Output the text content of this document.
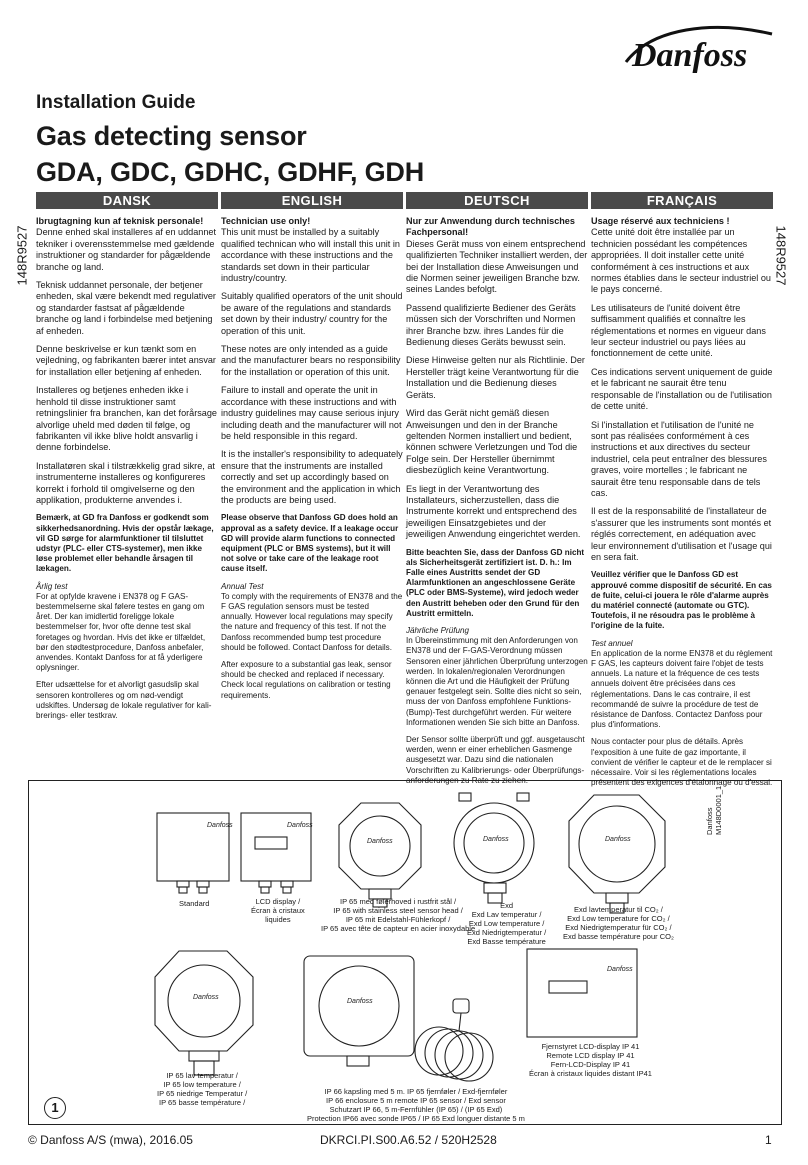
Danfoss
Installation Guide
Gas detecting sensor
GDA, GDC, GDHC, GDHF, GDH
148R9527	148R9527
DANSK

Ibrugtagning kun af teknisk personale!
Denne enhed skal installeres af en uddannet tekniker i overensstemmelse med gældende instruktioner og standarder for pågældende branche og land.

Teknisk uddannet personale, der betjener enheden, skal være bekendt med regulativer og standarder fastsat af pågældende branche og land i forbindelse med betjening af enheden.

Denne beskrivelse er kun tænkt som en vejledning, og fabrikanten bærer intet ansvar for installation eller betjening af enheden.

Installeres og betjenes enheden ikke i henhold til disse instruktioner samt retningslinier fra branchen, kan det forårsage alvorlige uheld med døden til følge, og fabrikanten vil ikke blive holdt ansvarlig i denne forbindelse.

Installatøren skal i tilstrækkelig grad sikre, at instrumenterne installeres og konfigureres korrekt i forhold til omgivelserne og den applikation, produkterne anvendes i.

Bemærk, at GD fra Danfoss er godkendt som sikkerhedsanordning. Hvis der opstår lækage, vil GD sørge for alarmfunktioner til tilsluttet udstyr (PLC- eller CTS-systemer), men ikke løse problemet eller behandle årsagen til lækagen.

Årlig test

For at opfylde kravene i EN378 og F GAS-bestemmelserne skal følere testes en gang om året. Der kan imidlertid foreligge lokale bestemmelser for, hvor ofte denne test skal foretages og hvordan. Hvis det ikke er tilfældet, bør den stødtestprocedure, Danfoss anbefaler, anvendes. Kontakt Danfoss for at få yderligere oplysninger.

Efter udsættelse for et alvorligt gasudslip skal sensoren kontrolleres og om nød-vendigt udskiftes. Undersøg de lokale regulativer for kali-brerings- eller testkrav.

ENGLISH

Technician use only!
This unit must be installed by a suitably qualified technican who will install this unit in accordance with these instructions and the standards set down in their particular industry/country.

Suitably qualified operators of the unit should be aware of the regulations and standards set down by their industry/ country for the operation of this unit.

These notes are only intended as a guide and the manufacturer bears no responsibility for the installation or operation of this unit.

Failure to install and operate the unit in accordance with these instructions and with industry guidelines may cause serious injury including death and the manufacturer will not be held responsible in this regard.

It is the installer's responsibility to adequately ensure that the instruments are installed correctly and set up accordingly based on the environment and the application in which the products are being used.

Please observe that Danfoss GD does hold an approval as a safety device. If a leakage occur GD will provide alarm functions to connected equipment (PLC or BMS systems), but it will not solve or take care of the leakage root cause itself.

Annual Test

To comply with the requirements of EN378 and the F GAS regulation sensors must be tested annually. However local regulations may specify the nature and frequency of this test. If not the Danfoss recommended bump test procedure should be followed. Contact Danfoss for details.

After exposure to a substantial gas leak, sensor should be checked and replaced if necessary. Check local regulations on calibration or testing requirements.

DEUTSCH

Nur zur Anwendung durch technisches Fachpersonal!
Dieses Gerät muss von einem entsprechend qualifizierten Techniker installiert werden, der bei der Installation diese Anweisungen und die Normen seiner jeweiligen Branche bzw. seines Landes befolgt.

Passend qualifizierte Bediener des Geräts müssen sich der Vorschriften und Normen ihrer Branche bzw. ihres Landes für die Bedienung dieses Geräts bewusst sein.

Diese Hinweise gelten nur als Richtlinie. Der Hersteller trägt keine Verantwortung für die Installation und die Bedienung dieses Geräts.

Wird das Gerät nicht gemäß diesen Anweisungen und den in der Branche geltenden Normen installiert und bedient, können schwere Verletzungen und Tod die Folge sein. Der Hersteller übernimmt diesbezüglich keine Verantwortung.

Es liegt in der Verantwortung des Installateurs, sicherzustellen, dass die Instrumente korrekt und entsprechend des jeweiligen Einsatzgebietes und der jeweiligen Anwendung eingerichtet werden.

Bitte beachten Sie, dass der Danfoss GD nicht als Sicherheitsgerät zertifiziert ist. D. h.: Im Falle eines Austritts sendet der GD Alarmfunktionen an angeschlossene Geräte (PLC oder BMS-Systeme), wird jedoch weder den Austritt beheben oder den Grund für den Austritt ermitteln.

Jährliche Prüfung

In Übereinstimmung mit den Anforderungen von EN378 und der F-GAS-Verordnung müssen Sensoren einer jährlichen Überprüfung unterzogen werden. In lokalen/regionalen Verordnungen können die Art und die Häufigkeit der Prüfung genauer festgelegt sein. Sollte dies nicht so sein, muss der von Danfoss empfohlene Funktions-(Bump)-Test durchgeführt werden. Für weitere Informationen wenden Sie sich bitte an Danfoss.

Der Sensor sollte überprüft und ggf. ausgetauscht werden, wenn er einer erheblichen Gasmenge ausgesetzt war. Dazu sind die nationalen Vorschriften zu Kalibrierungs- oder Überprüfungs-anforderungen zu Rate zu ziehen.

FRANÇAIS

Usage réservé aux techniciens !
Cette unité doit être installée par un technicien possédant les compétences appropriées. Il doit installer cette unité conformément à ces instructions et aux normes établies dans le secteur industriel ou le pays concerné.

Les utilisateurs de l'unité doivent être suffisamment qualifiés et connaître les réglementations et normes en vigueur dans leur secteur industriel ou pays liées au fonctionnement de cette unité.

Ces indications servent uniquement de guide et le fabricant ne saurait être tenu responsable de l'installation ou de l'utilisation de cette unité.

Si l'installation et l'utilisation de l'unité ne sont pas réalisées conformément à ces instructions et aux directives du secteur industriel, cela peut entraîner des blessures graves, voire mortelles ; le fabricant ne saurait être tenu responsable dans de tels cas.

Il est de la responsabilité de l'installateur de s'assurer que les instruments sont montés et réglés correctement, en adéquation avec leur environnement d'utilisation et l'usage qui en sera fait.

Veuillez vérifier que le Danfoss GD est approuvé comme dispositif de sécurité. En cas de fuite, celui-ci jouera le rôle d'alarme auprès du matériel connecté (automate ou GTC). Toutefois, il ne résoudra pas le problème à l'origine de la fuite.

Test annuel

En application de la norme EN378 et du règlement F GAS, les capteurs doivent faire l'objet de tests annuels. La nature et la fréquence de ces tests annuels doivent être précisées dans ces réglementations. Dans le cas contraire, il est recommandé de suivre la procédure de test de résistance de Danfoss. Contactez Danfoss pour plus d'informations.

Nous contacter pour plus de détails. Après l'exposition à une fuite de gaz importante, il convient de vérifier le capteur et de le remplacer si nécessaire. Voir si les réglementations locales présentent des exigences d'étalonnage ou d'essai.

Danfoss	Danfoss
Danfoss	Danfoss	Danfoss
Danfoss
Danfoss
Danfoss
Standard	LCD display /
Écran à cristaux
liquides
IP 65 med følerhoved i rustfrit stål /
IP 65 with stainless steel sensor head /
IP 65 mit Edelstahl-Fühlerkopf /
IP 65 avec tête de capteur en acier inoxydable
Exd
Exd Lav temperatur /
Exd Low temperature /
Exd Niedrigtemperatur /
Exd Basse température
Exd lavtemperatur til CO₂ /
Exd Low temperature for CO₂ /
Exd Niedrigtemperatur für CO₂ /
Exd basse température pour CO₂
IP 65 lav temperatur /
IP 65 low temperature /
IP 65 niedrige Temperatur /
IP 65 basse température /
IP 66 kapsling med 5 m. IP 65 fjernføler / Exd-fjernføler
IP 66 enclosure 5 m remote IP 65 sensor / Exd sensor
Schutzart IP 66, 5 m-Fernfühler (IP 65) / (IP 65 Exd)
Protection IP66 avec sonde IP65 / IP 65 Exd longuer distante 5 m
Fjernstyret LCD-display IP 41
Remote LCD display IP 41
Fern-LCD-Display IP 41
Écran à cristaux liquides distant IP41
Danfoss
M148D0001_1
1
© Danfoss A/S (mwa), 2016.05	DKRCI.PI.S00.A6.52 / 520H2528	1
